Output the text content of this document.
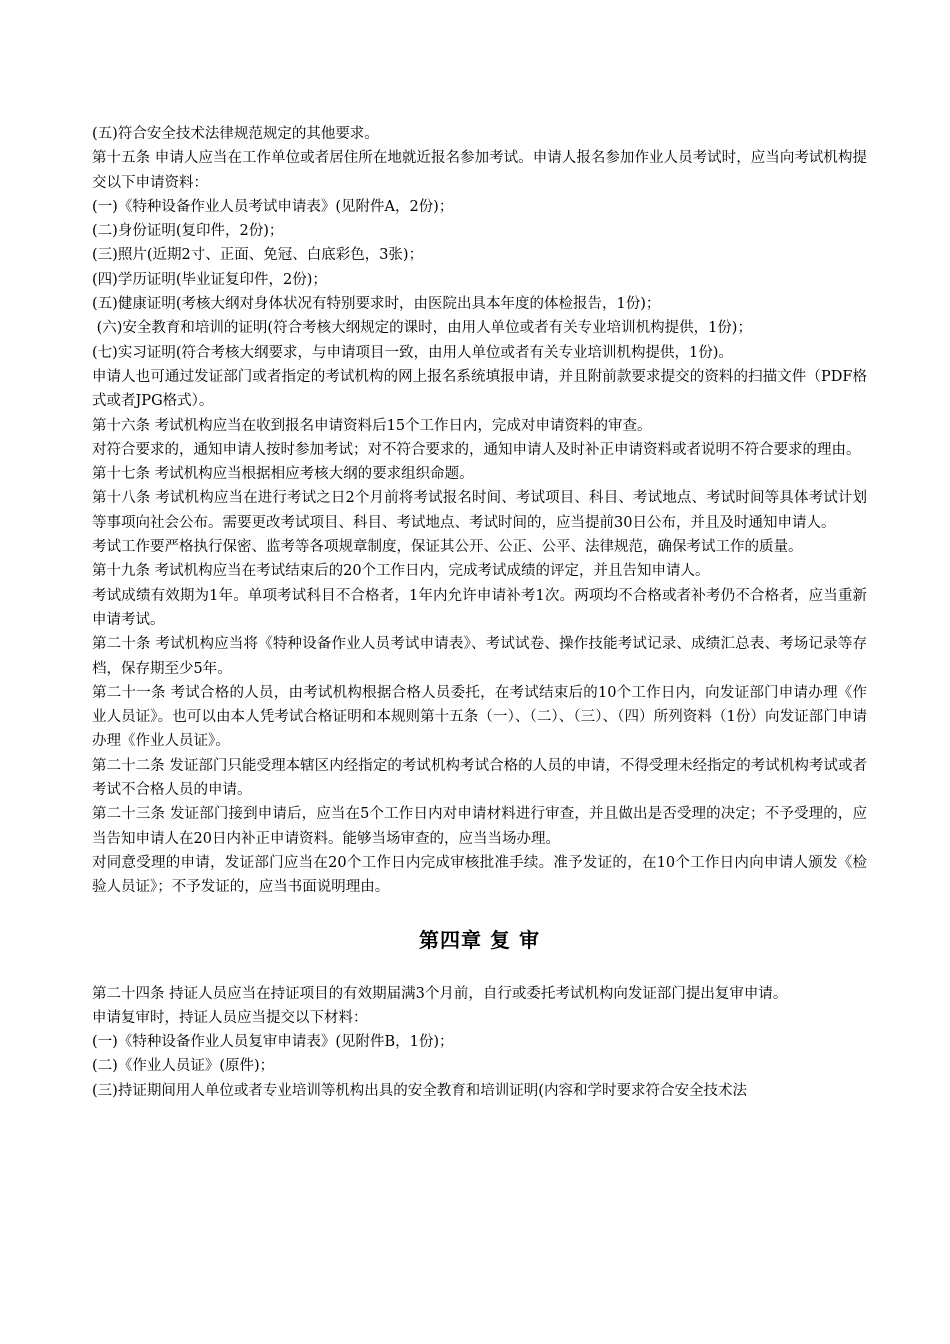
(五)符合安全技术法律规范规定的其他要求。

第十五条 申请人应当在工作单位或者居住所在地就近报名参加考试。申请人报名参加作业人员考试时，应当向考试机构提交以下申请资料：

(一)《特种设备作业人员考试申请表》(见附件A，2份)；

(二)身份证明(复印件，2份)；

(三)照片(近期2寸、正面、免冠、白底彩色，3张)；

(四)学历证明(毕业证复印件，2份)；

(五)健康证明(考核大纲对身体状况有特别要求时，由医院出具本年度的体检报告，1份)；

(六)安全教育和培训的证明(符合考核大纲规定的课时，由用人单位或者有关专业培训机构提供，1份)；

(七)实习证明(符合考核大纲要求，与申请项目一致，由用人单位或者有关专业培训机构提供，1份)。

申请人也可通过发证部门或者指定的考试机构的网上报名系统填报申请，并且附前款要求提交的资料的扫描文件（PDF格式或者JPG格式）。

第十六条 考试机构应当在收到报名申请资料后15个工作日内，完成对申请资料的审查。

对符合要求的，通知申请人按时参加考试；对不符合要求的，通知申请人及时补正申请资料或者说明不符合要求的理由。

第十七条 考试机构应当根据相应考核大纲的要求组织命题。

第十八条 考试机构应当在进行考试之日2个月前将考试报名时间、考试项目、科目、考试地点、考试时间等具体考试计划等事项向社会公布。需要更改考试项目、科目、考试地点、考试时间的，应当提前30日公布，并且及时通知申请人。

考试工作要严格执行保密、监考等各项规章制度，保证其公开、公正、公平、法律规范，确保考试工作的质量。

第十九条 考试机构应当在考试结束后的20个工作日内，完成考试成绩的评定，并且告知申请人。

考试成绩有效期为1年。单项考试科目不合格者，1年内允许申请补考1次。两项均不合格或者补考仍不合格者，应当重新申请考试。

第二十条 考试机构应当将《特种设备作业人员考试申请表》、考试试卷、操作技能考试记录、成绩汇总表、考场记录等存档，保存期至少5年。

第二十一条 考试合格的人员，由考试机构根据合格人员委托，在考试结束后的10个工作日内，向发证部门申请办理《作业人员证》。也可以由本人凭考试合格证明和本规则第十五条（一）、（二）、（三）、（四）所列资料（1份）向发证部门申请办理《作业人员证》。

第二十二条 发证部门只能受理本辖区内经指定的考试机构考试合格的人员的申请，不得受理未经指定的考试机构考试或者考试不合格人员的申请。

第二十三条 发证部门接到申请后，应当在5个工作日内对申请材料进行审查，并且做出是否受理的决定；不予受理的，应当告知申请人在20日内补正申请资料。能够当场审查的，应当当场办理。

对同意受理的申请，发证部门应当在20个工作日内完成审核批准手续。准予发证的，在10个工作日内向申请人颁发《检验人员证》；不予发证的，应当书面说明理由。

第四章 复 审

第二十四条 持证人员应当在持证项目的有效期届满3个月前，自行或委托考试机构向发证部门提出复审申请。

申请复审时，持证人员应当提交以下材料：

(一)《特种设备作业人员复审申请表》(见附件B，1份)；

(二)《作业人员证》(原件)；

(三)持证期间用人单位或者专业培训等机构出具的安全教育和培训证明(内容和学时要求符合安全技术法
